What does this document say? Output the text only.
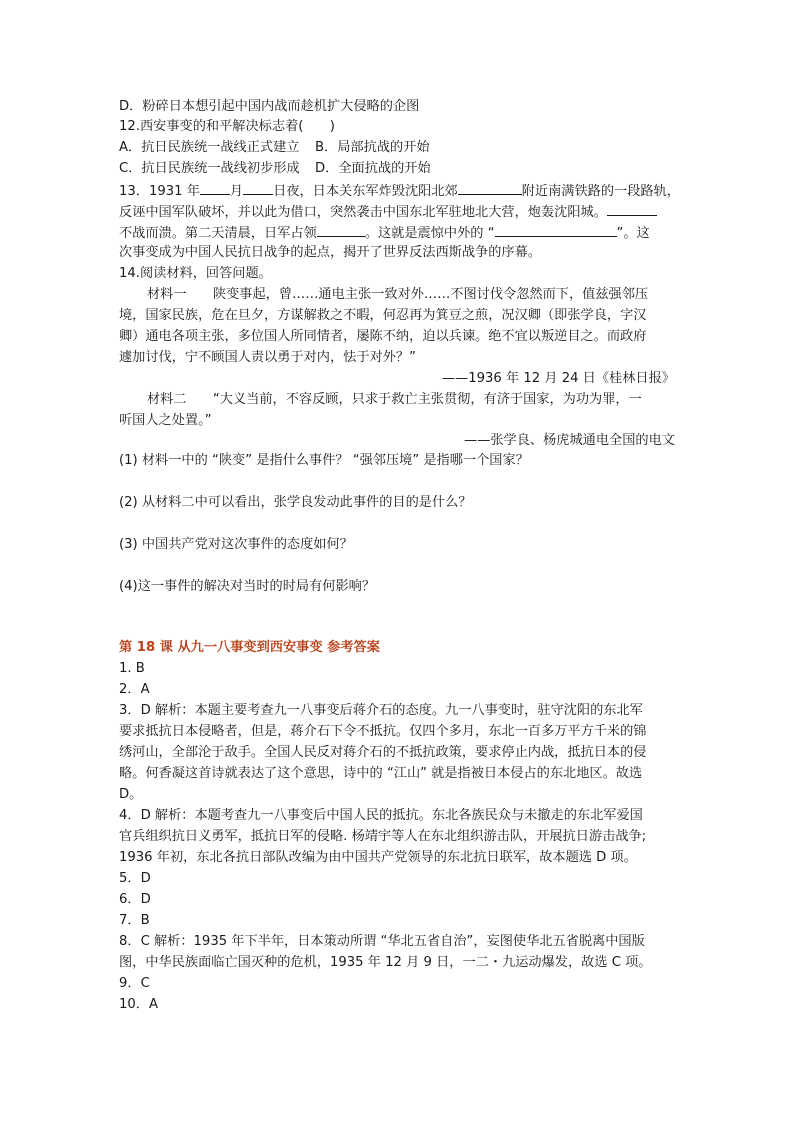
D．粉碎日本想引起中国内战而趁机扩大侵略的企图
12.西安事变的和平解决标志着(　　)
A．抗日民族统一战线正式建立 B．局部抗战的开始
C．抗日民族统一战线初步形成 D．全面抗战的开始
13．1931 年 月 日夜，日本关东军炸毁沈阳北郊	附近南满铁路的一段路轨，
反诬中国军队破坏，并以此为借口，突然袭击中国东北军驻地北大营，炮轰沈阳城。
不战而溃。第二天清晨，日军占领	。这就是震惊中外的 “	”。这
次事变成为中国人民抗日战争的起点，揭开了世界反法西斯战争的序幕。
14.阅读材料，回答问题。
材料一　　陕变事起，曾……通电主张一致对外……不图讨伐令忽然而下，值兹强邻压
境，国家民族，危在旦夕，方谋解救之不暇，何忍再为箕豆之煎，况汉卿（即张学良，字汉
卿）通电各项主张，多位国人所同情者，屡陈不纳，迫以兵谏。绝不宜以叛逆目之。而政府
遽加讨伐，宁不顾国人责以勇于对内，怯于对外？”
——1936 年 12 月 24 日《桂林日报》
材料二　　“大义当前，不容反顾，只求于救亡主张贯彻，有济于国家，为功为罪，一
听国人之处置。”
——张学良、杨虎城通电全国的电文
(1) 材料一中的 “陕变” 是指什么事件？ “强邻压境” 是指哪一个国家？
(2) 从材料二中可以看出，张学良发动此事件的目的是什么？
(3) 中国共产党对这次事件的态度如何？
(4)这一事件的解决对当时的时局有何影响？
第 18 课 从九一八事变到西安事变 参考答案
1. B
2．A
3．D 解析：本题主要考查九一八事变后蒋介石的态度。九一八事变时，驻守沈阳的东北军
要求抵抗日本侵略者，但是，蒋介石下令不抵抗。仅四个多月，东北一百多万平方千米的锦
绣河山，全部沦于敌手。全国人民反对蒋介石的不抵抗政策，要求停止内战，抵抗日本的侵
略。何香凝这首诗就表达了这个意思，诗中的 “江山” 就是指被日本侵占的东北地区。故选
D。
4．D 解析：本题考查九一八事变后中国人民的抵抗。东北各族民众与未撤走的东北军爱国
官兵组织抗日义勇军，抵抗日军的侵略. 杨靖宇等人在东北组织游击队，开展抗日游击战争;
1936 年初，东北各抗日部队改编为由中国共产党领导的东北抗日联军，故本题选 D 项。
5．D
6．D
7．B
8．C 解析：1935 年下半年，日本策动所谓 “华北五省自治”，妄图使华北五省脱离中国版
图，中华民族面临亡国灭种的危机，1935 年 12 月 9 日，一二・九运动爆发，故选 C 项。
9．C
10．A
